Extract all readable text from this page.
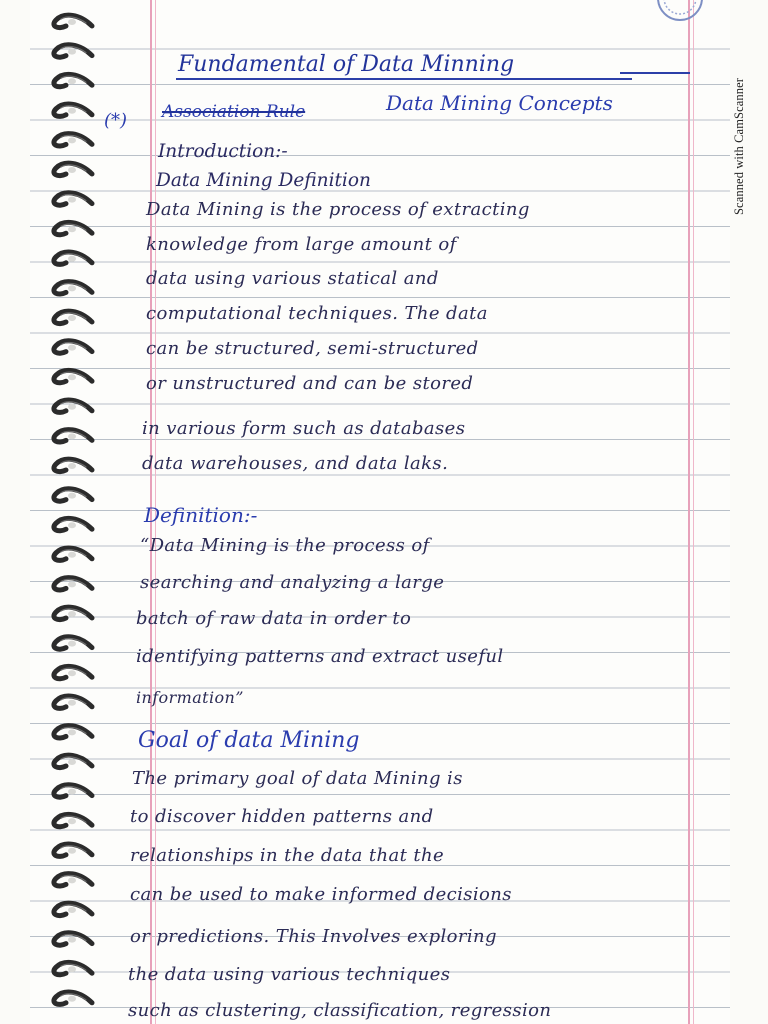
Scanned with CamScanner

Fundamental of Data Minning

(*) Association Rule	Data Mining Concepts

Introduction:-

Data Mining Definition

Data Mining is the process of extracting

knowledge from large amount of

data using various statical and

computational techniques. The data

can be structured, semi-structured

or unstructured and can be stored

in various form such as databases

data warehouses, and data laks.

Definition:-

“Data Mining is the process of

searching and analyzing a large

batch of raw data in order to

identifying patterns and extract useful

information”

Goal of data Mining

The primary goal of data Mining is

to discover hidden patterns and

relationships in the data that the

can be used to make informed decisions

or predictions. This Involves exploring

the data using various techniques

such as clustering, classification, regression
